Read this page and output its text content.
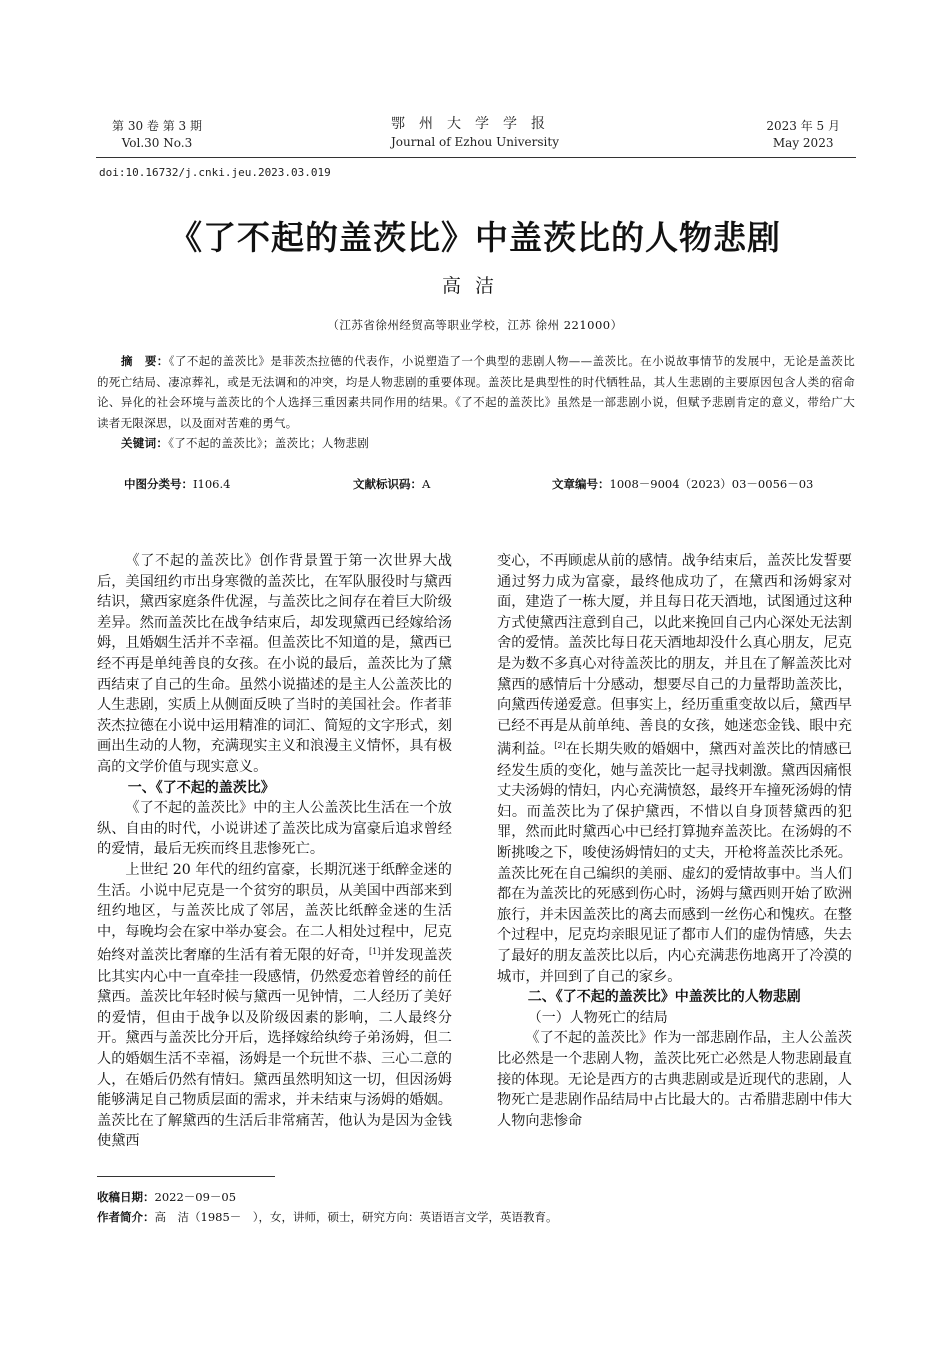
第 30 卷 第 3 期
Vol.30 No.3
鄂州大学学报
Journal of Ezhou University
2023 年 5 月
May 2023
doi:10.16732/j.cnki.jeu.2023.03.019
《了不起的盖茨比》中盖茨比的人物悲剧
高洁
（江苏省徐州经贸高等职业学校，江苏 徐州 221000）
摘　要：《了不起的盖茨比》是菲茨杰拉德的代表作，小说塑造了一个典型的悲剧人物——盖茨比。在小说故事情节的发展中，无论是盖茨比的死亡结局、凄凉葬礼，或是无法调和的冲突，均是人物悲剧的重要体现。盖茨比是典型性的时代牺牲品，其人生悲剧的主要原因包含人类的宿命论、异化的社会环境与盖茨比的个人选择三重因素共同作用的结果。《了不起的盖茨比》虽然是一部悲剧小说，但赋予悲剧肯定的意义，带给广大读者无限深思，以及面对苦难的勇气。
关键词：《了不起的盖茨比》；盖茨比；人物悲剧
中图分类号：I106.4	文献标识码：A	文章编号：1008－9004（2023）03－0056－03

《了不起的盖茨比》创作背景置于第一次世界大战后，美国纽约市出身寒微的盖茨比，在军队服役时与黛西结识，黛西家庭条件优渥，与盖茨比之间存在着巨大阶级差异。然而盖茨比在战争结束后，却发现黛西已经嫁给汤姆，且婚姻生活并不幸福。但盖茨比不知道的是，黛西已经不再是单纯善良的女孩。在小说的最后，盖茨比为了黛西结束了自己的生命。虽然小说描述的是主人公盖茨比的人生悲剧，实质上从侧面反映了当时的美国社会。作者菲茨杰拉德在小说中运用精准的词汇、简短的文字形式，刻画出生动的人物，充满现实主义和浪漫主义情怀，具有极高的文学价值与现实意义。

一、《了不起的盖茨比》

《了不起的盖茨比》中的主人公盖茨比生活在一个放纵、自由的时代，小说讲述了盖茨比成为富豪后追求曾经的爱情，最后无疾而终且悲惨死亡。

上世纪 20 年代的纽约富豪，长期沉迷于纸醉金迷的生活。小说中尼克是一个贫穷的职员，从美国中西部来到纽约地区，与盖茨比成了邻居，盖茨比纸醉金迷的生活中，每晚均会在家中举办宴会。在二人相处过程中，尼克始终对盖茨比奢靡的生活有着无限的好奇，[1]并发现盖茨比其实内心中一直牵挂一段感情，仍然爱恋着曾经的前任黛西。盖茨比年轻时候与黛西一见钟情，二人经历了美好的爱情，但由于战争以及阶级因素的影响，二人最终分开。黛西与盖茨比分开后，选择嫁给纨绔子弟汤姆，但二人的婚姻生活不幸福，汤姆是一个玩世不恭、三心二意的人，在婚后仍然有情妇。黛西虽然明知这一切，但因汤姆能够满足自己物质层面的需求，并未结束与汤姆的婚姻。盖茨比在了解黛西的生活后非常痛苦，他认为是因为金钱使黛西

变心，不再顾虑从前的感情。战争结束后，盖茨比发誓要通过努力成为富豪，最终他成功了，在黛西和汤姆家对面，建造了一栋大厦，并且每日花天酒地，试图通过这种方式使黛西注意到自己，以此来挽回自己内心深处无法割舍的爱情。盖茨比每日花天酒地却没什么真心朋友，尼克是为数不多真心对待盖茨比的朋友，并且在了解盖茨比对黛西的感情后十分感动，想要尽自己的力量帮助盖茨比，向黛西传递爱意。但事实上，经历重重变故以后，黛西早已经不再是从前单纯、善良的女孩，她迷恋金钱、眼中充满利益。[2]在长期失败的婚姻中，黛西对盖茨比的情感已经发生质的变化，她与盖茨比一起寻找刺激。黛西因痛恨丈夫汤姆的情妇，内心充满愤怒，最终开车撞死汤姆的情妇。而盖茨比为了保护黛西，不惜以自身顶替黛西的犯罪，然而此时黛西心中已经打算抛弃盖茨比。在汤姆的不断挑唆之下，唆使汤姆情妇的丈夫，开枪将盖茨比杀死。盖茨比死在自己编织的美丽、虚幻的爱情故事中。当人们都在为盖茨比的死感到伤心时，汤姆与黛西则开始了欧洲旅行，并未因盖茨比的离去而感到一丝伤心和愧疚。在整个过程中，尼克均亲眼见证了都市人们的虚伪情感，失去了最好的朋友盖茨比以后，内心充满悲伤地离开了冷漠的城市，并回到了自己的家乡。

二、《了不起的盖茨比》中盖茨比的人物悲剧
（一）人物死亡的结局

《了不起的盖茨比》作为一部悲剧作品，主人公盖茨比必然是一个悲剧人物，盖茨比死亡必然是人物悲剧最直接的体现。无论是西方的古典悲剧或是近现代的悲剧，人物死亡是悲剧作品结局中占比最大的。古希腊悲剧中伟大人物向悲惨命

收稿日期：2022－09－05
作者简介：高　洁（1985－　），女，讲师，硕士，研究方向：英语语言文学，英语教育。
